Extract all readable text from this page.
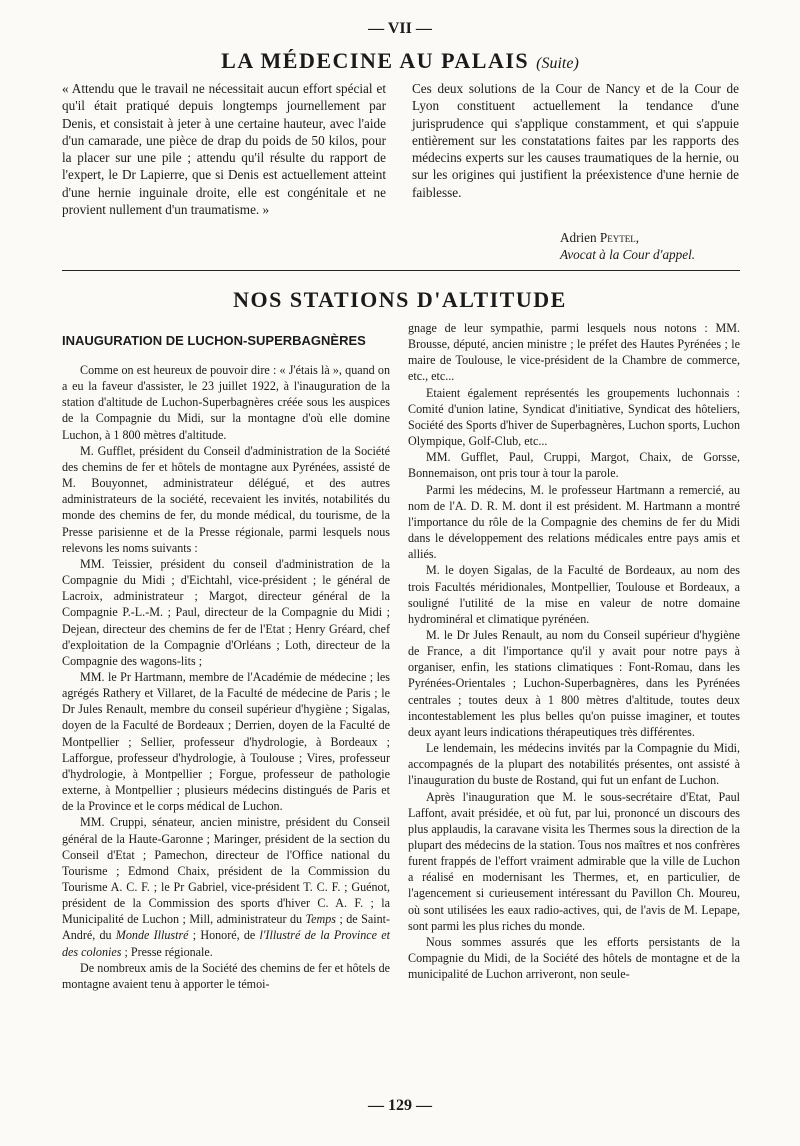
— VII —
LA MÉDECINE AU PALAIS (Suite)

« Attendu que le travail ne nécessitait aucun effort spécial et qu'il était pratiqué depuis longtemps journellement par Denis, et consistait à jeter à une certaine hauteur, avec l'aide d'un camarade, une pièce de drap du poids de 50 kilos, pour la placer sur une pile ; attendu qu'il résulte du rapport de l'expert, le Dr Lapierre, que si Denis est actuellement atteint d'une hernie inguinale droite, elle est congénitale et ne provient nullement d'un traumatisme. »

Ces deux solutions de la Cour de Nancy et de la Cour de Lyon constituent actuellement la tendance d'une jurisprudence qui s'applique constamment, et qui s'appuie entièrement sur les constatations faites par les rapports des médecins experts sur les causes traumatiques de la hernie, ou sur les origines qui justifient la préexistence d'une hernie de faiblesse.

Adrien Peytel,
Avocat à la Cour d'appel.
NOS STATIONS D'ALTITUDE
INAUGURATION DE LUCHON-SUPERBAGNÈRES

Comme on est heureux de pouvoir dire : « J'étais là », quand on a eu la faveur d'assister, le 23 juillet 1922, à l'inauguration de la station d'altitude de Luchon-Superbagnères créée sous les auspices de la Compagnie du Midi, sur la montagne d'où elle domine Luchon, à 1 800 mètres d'altitude.

M. Gufflet, président du Conseil d'administration de la Société des chemins de fer et hôtels de montagne aux Pyrénées, assisté de M. Bouyonnet, administrateur délégué, et des autres administrateurs de la société, recevaient les invités, notabilités du monde des chemins de fer, du monde médical, du tourisme, de la Presse parisienne et de la Presse régionale, parmi lesquels nous relevons les noms suivants :

MM. Teissier, président du conseil d'administration de la Compagnie du Midi ; d'Eichtahl, vice-président ; le général de Lacroix, administrateur ; Margot, directeur général de la Compagnie P.-L.-M. ; Paul, directeur de la Compagnie du Midi ; Dejean, directeur des chemins de fer de l'Etat ; Henry Gréard, chef d'exploitation de la Compagnie d'Orléans ; Loth, directeur de la Compagnie des wagons-lits ;

MM. le Pr Hartmann, membre de l'Académie de médecine ; les agrégés Rathery et Villaret, de la Faculté de médecine de Paris ; le Dr Jules Renault, membre du conseil supérieur d'hygiène ; Sigalas, doyen de la Faculté de Bordeaux ; Derrien, doyen de la Faculté de Montpellier ; Sellier, professeur d'hydrologie, à Bordeaux ; Lafforgue, professeur d'hydrologie, à Toulouse ; Vires, professeur d'hydrologie, à Montpellier ; Forgue, professeur de pathologie externe, à Montpellier ; plusieurs médecins distingués de Paris et de la Province et le corps médical de Luchon.

MM. Cruppi, sénateur, ancien ministre, président du Conseil général de la Haute-Garonne ; Maringer, président de la section du Conseil d'Etat ; Pamechon, directeur de l'Office national du Tourisme ; Edmond Chaix, président de la Commission du Tourisme A. C. F. ; le Pr Gabriel, vice-président T. C. F. ; Guénot, président de la Commission des sports d'hiver C. A. F. ; la Municipalité de Luchon ; Mill, administrateur du Temps ; de Saint-André, du Monde Illustré ; Honoré, de l'Illustré de la Province et des colonies ; Presse régionale.

De nombreux amis de la Société des chemins de fer et hôtels de montagne avaient tenu à apporter le témoi-

gnage de leur sympathie, parmi lesquels nous notons : MM. Brousse, député, ancien ministre ; le préfet des Hautes Pyrénées ; le maire de Toulouse, le vice-président de la Chambre de commerce, etc., etc...

Etaient également représentés les groupements luchonnais : Comité d'union latine, Syndicat d'initiative, Syndicat des hôteliers, Société des Sports d'hiver de Superbagnères, Luchon sports, Luchon Olympique, Golf-Club, etc...

MM. Gufflet, Paul, Cruppi, Margot, Chaix, de Gorsse, Bonnemaison, ont pris tour à tour la parole.

Parmi les médecins, M. le professeur Hartmann a remercié, au nom de l'A. D. R. M. dont il est président. M. Hartmann a montré l'importance du rôle de la Compagnie des chemins de fer du Midi dans le développement des relations médicales entre pays amis et alliés.

M. le doyen Sigalas, de la Faculté de Bordeaux, au nom des trois Facultés méridionales, Montpellier, Toulouse et Bordeaux, a souligné l'utilité de la mise en valeur de notre domaine hydrominéral et climatique pyrénéen.

M. le Dr Jules Renault, au nom du Conseil supérieur d'hygiène de France, a dit l'importance qu'il y avait pour notre pays à organiser, enfin, les stations climatiques : Font-Romau, dans les Pyrénées-Orientales ; Luchon-Superbagnères, dans les Pyrénées centrales ; toutes deux à 1 800 mètres d'altitude, toutes deux incontestablement les plus belles qu'on puisse imaginer, et toutes deux ayant leurs indications thérapeutiques très différentes.

Le lendemain, les médecins invités par la Compagnie du Midi, accompagnés de la plupart des notabilités présentes, ont assisté à l'inauguration du buste de Rostand, qui fut un enfant de Luchon.

Après l'inauguration que M. le sous-secrétaire d'Etat, Paul Laffont, avait présidée, et où fut, par lui, prononcé un discours des plus applaudis, la caravane visita les Thermes sous la direction de la plupart des médecins de la station. Tous nos maîtres et nos confrères furent frappés de l'effort vraiment admirable que la ville de Luchon a réalisé en modernisant les Thermes, et, en particulier, de l'agencement si curieusement intéressant du Pavillon Ch. Moureu, où sont utilisées les eaux radio-actives, qui, de l'avis de M. Lepape, sont parmi les plus riches du monde.

Nous sommes assurés que les efforts persistants de la Compagnie du Midi, de la Société des hôtels de montagne et de la municipalité de Luchon arriveront, non seule-

— 129 —
